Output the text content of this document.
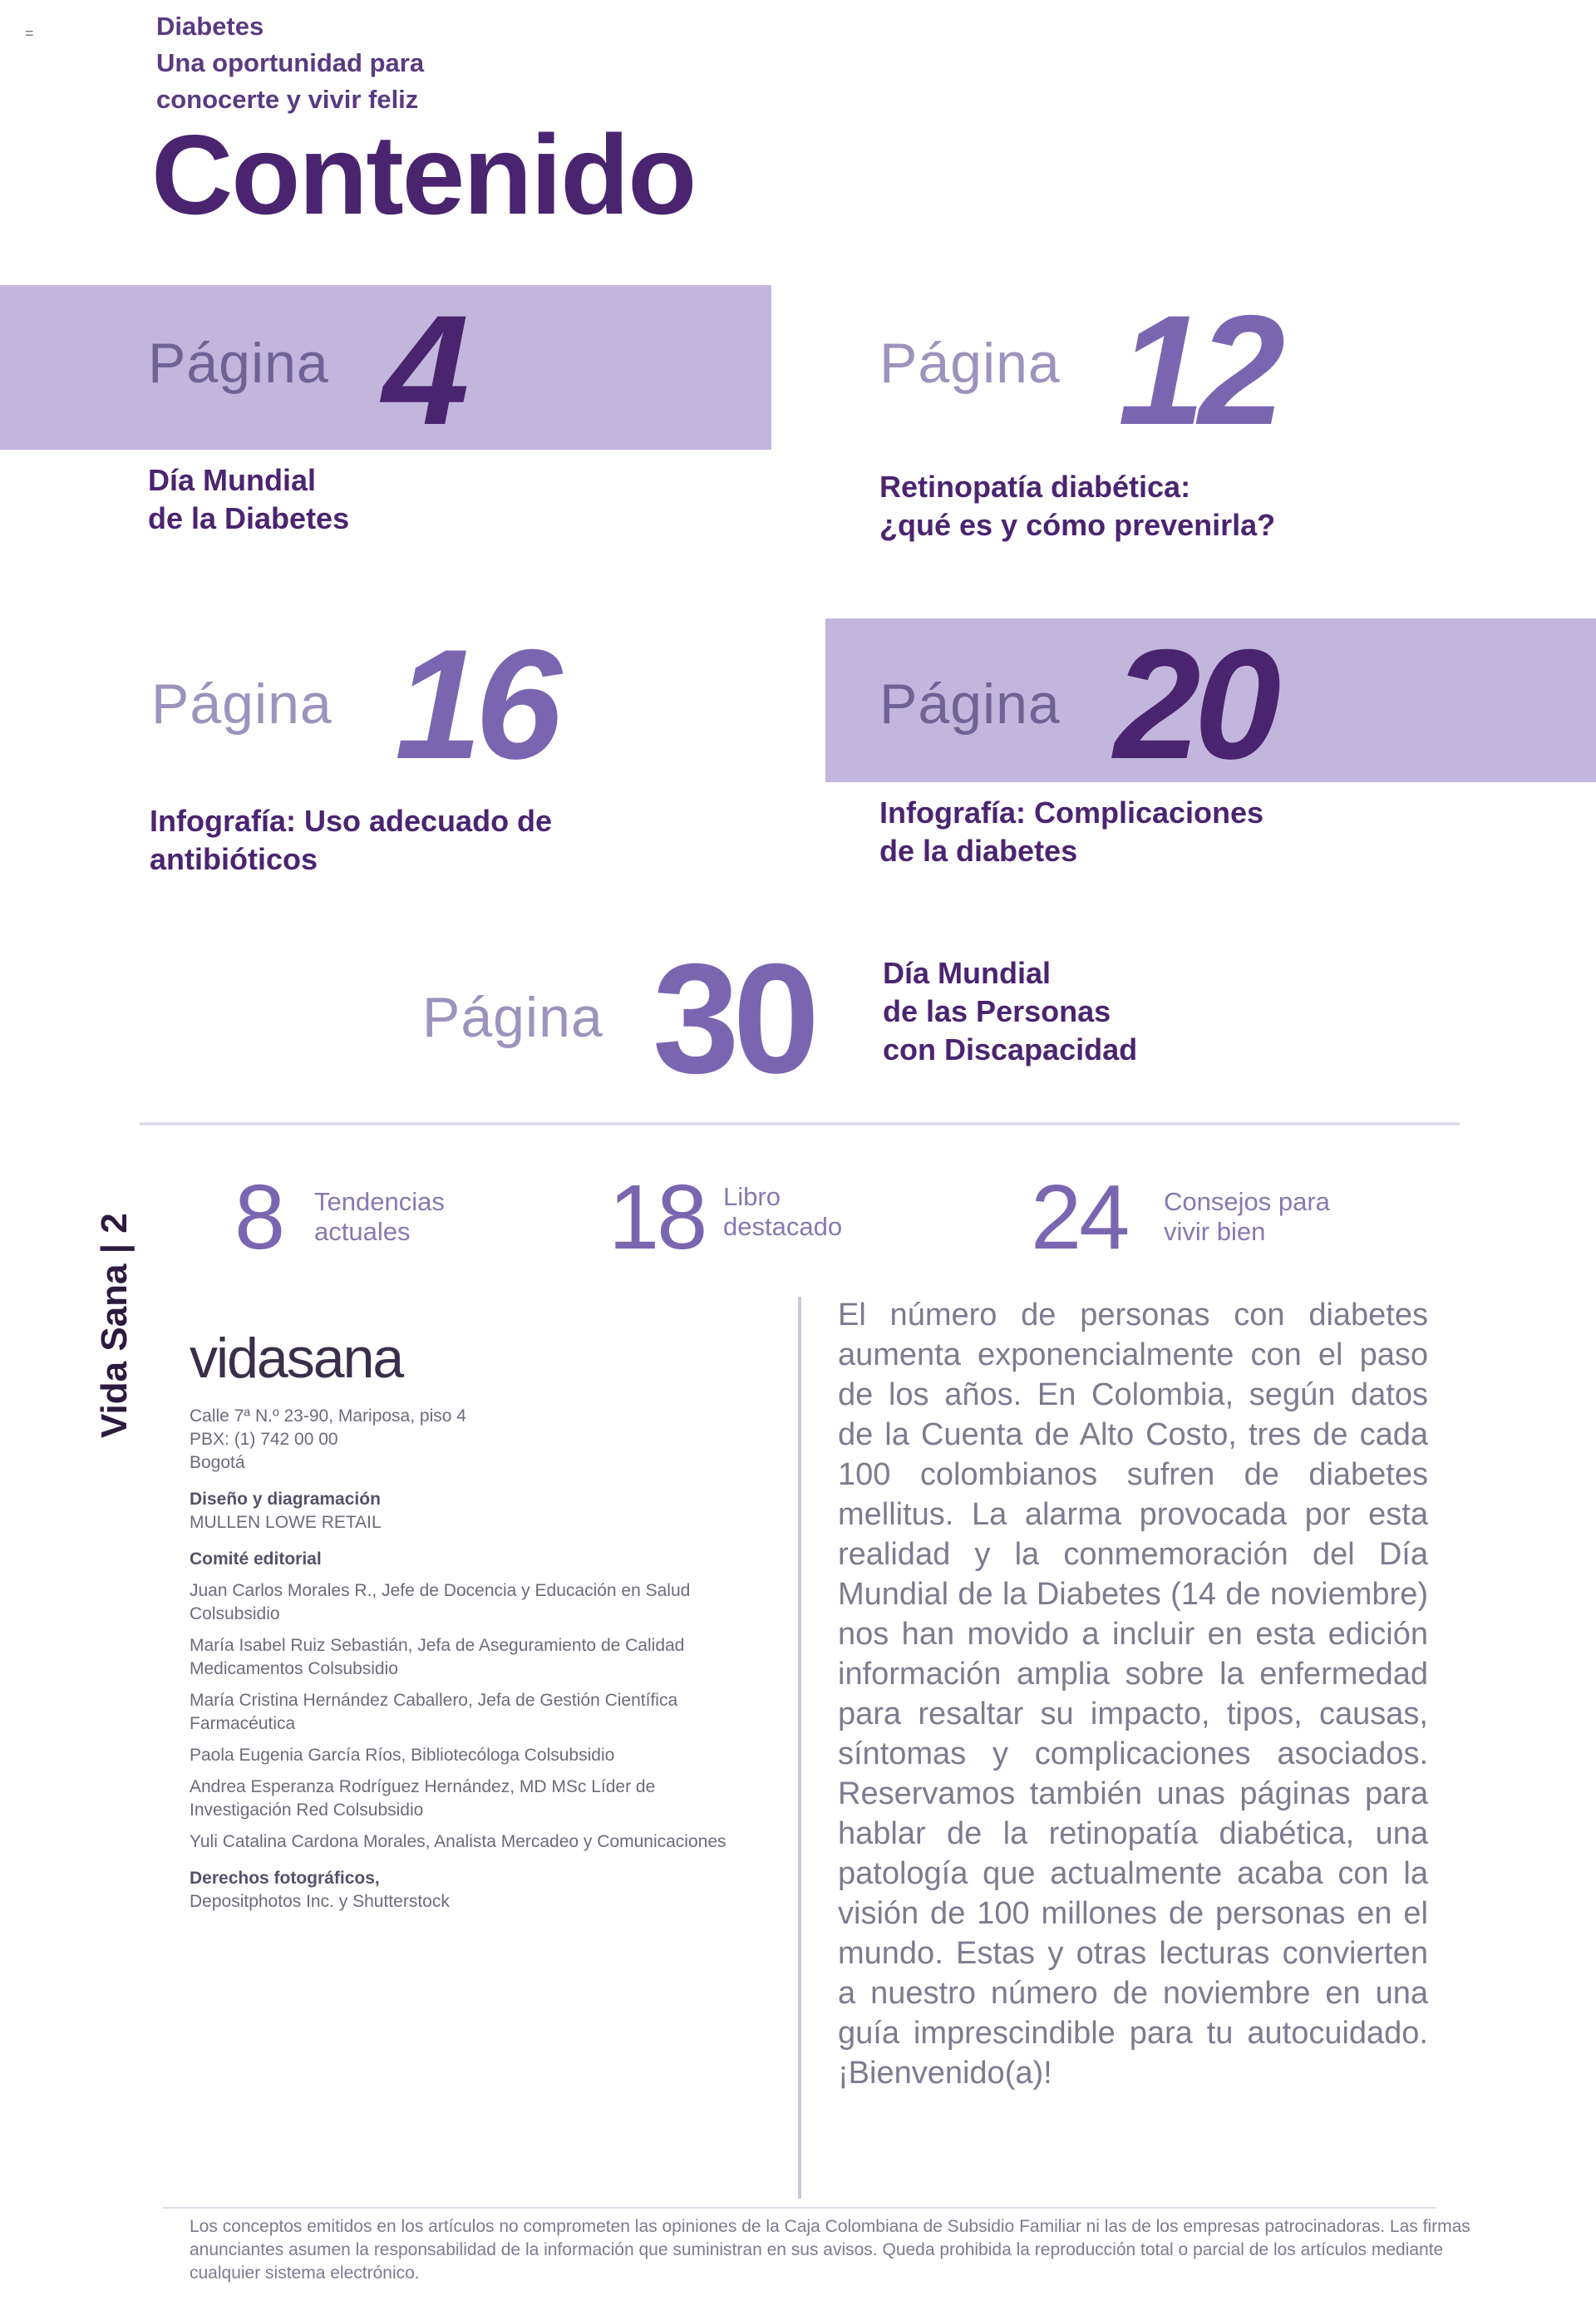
=	Diabetes
Una oportunidad para
conocerte y vivir feliz
Contenido
Página 4
Día Mundial
de la Diabetes
Página 12
Retinopatía diabética:
¿qué es y cómo prevenirla?
Página 16
Infografía: Uso adecuado de
antibióticos
Página 20
Infografía: Complicaciones
de la diabetes
Página 30 Día Mundial
de las Personas
con Discapacidad
Vida Sana | 2 8 Tendencias
actuales	18 Libro
destacado 24 Consejos para
vivir bien
vidasana
Calle 7ª N.º 23-90, Mariposa, piso 4
PBX: (1) 742 00 00
Bogotá
Diseño y diagramación
MULLEN LOWE RETAIL
Comité editorial
Juan Carlos Morales R., Jefe de Docencia y Educación en Salud Colsubsidio
María Isabel Ruiz Sebastián, Jefa de Aseguramiento de Calidad Medicamentos Colsubsidio
María Cristina Hernández Caballero, Jefa de Gestión Científica Farmacéutica
Paola Eugenia García Ríos, Bibliotecóloga Colsubsidio
Andrea Esperanza Rodríguez Hernández, MD MSc Líder de Investigación Red Colsubsidio
Yuli Catalina Cardona Morales, Analista Mercadeo y Comunicaciones
Derechos fotográficos,
Depositphotos Inc. y Shutterstock
El número de personas con diabetes aumenta exponencialmente con el paso de los años. En Colombia, según datos de la Cuenta de Alto Costo, tres de cada 100 colombianos sufren de diabetes mellitus. La alarma provocada por esta realidad y la conmemoración del Día Mundial de la Diabetes (14 de noviembre) nos han movido a incluir en esta edición información amplia sobre la enfermedad para resaltar su impacto, tipos, causas, síntomas y complicaciones asociados. Reservamos también unas páginas para hablar de la retinopatía diabética, una patología que actualmente acaba con la visión de 100 millones de personas en el mundo. Estas y otras lecturas convierten a nuestro número de noviembre en una guía imprescindible para tu autocuidado. ¡Bienvenido(a)!
Los conceptos emitidos en los artículos no comprometen las opiniones de la Caja Colombiana de Subsidio Familiar ni las de los empresas patrocinadoras. Las firmas anunciantes asumen la responsabilidad de la información que suministran en sus avisos. Queda prohibida la reproducción total o parcial de los artículos mediante cualquier sistema electrónico.
